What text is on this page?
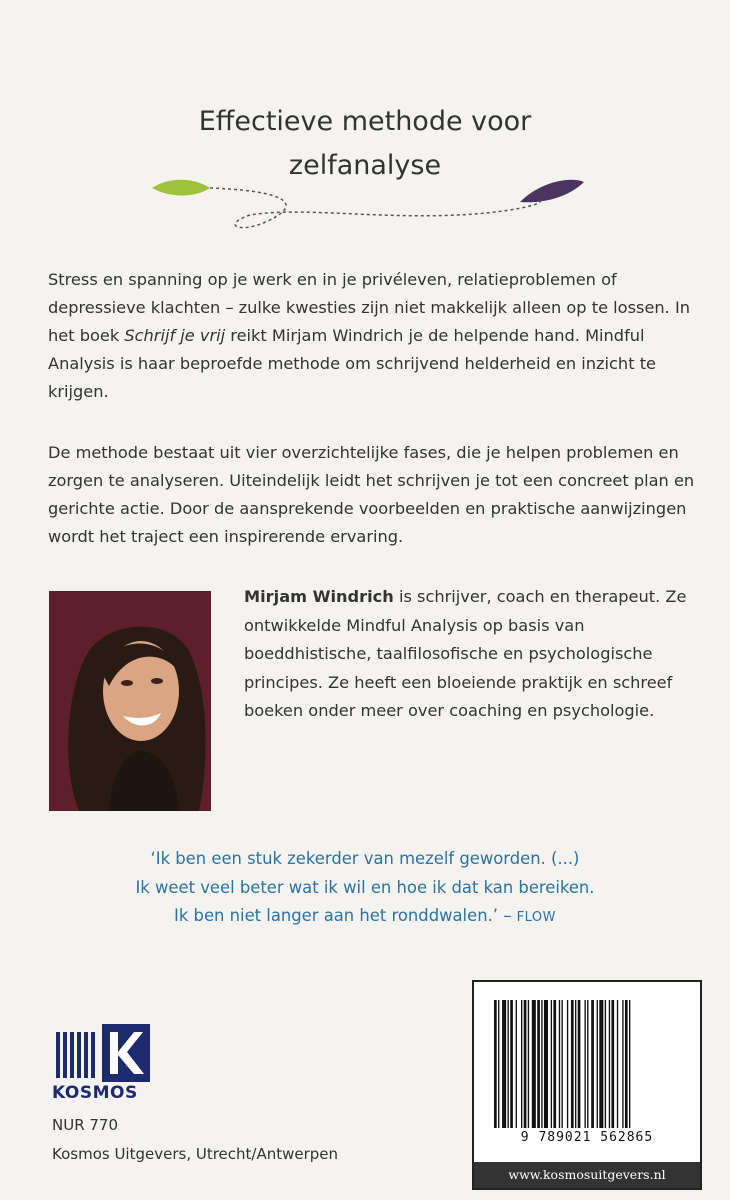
Effectieve methode voor
zelfanalyse

Stress en spanning op je werk en in je privéleven, relatieproblemen of depressieve klachten – zulke kwesties zijn niet makkelijk alleen op te lossen. In het boek Schrijf je vrij reikt Mirjam Windrich je de helpende hand. Mindful Analysis is haar beproefde methode om schrijvend helderheid en inzicht te krijgen.

De methode bestaat uit vier overzichtelijke fases, die je helpen problemen en zorgen te analyseren. Uiteindelijk leidt het schrijven je tot een concreet plan en gerichte actie. Door de aansprekende voorbeelden en praktische aanwijzingen wordt het traject een inspirerende ervaring.

Mirjam Windrich is schrijver, coach en therapeut. Ze ontwikkelde Mindful Analysis op basis van boeddhistische, taalfilosofische en psychologische principes. Ze heeft een bloeiende praktijk en schreef boeken onder meer over coaching en psychologie.

‘Ik ben een stuk zekerder van mezelf geworden. (...)
Ik weet veel beter wat ik wil en hoe ik dat kan bereiken.
Ik ben niet langer aan het ronddwalen.’ – FLOW
KOSMOS
NUR 770
Kosmos Uitgevers, Utrecht/Antwerpen
9 789021 562865
www.kosmosuitgevers.nl
